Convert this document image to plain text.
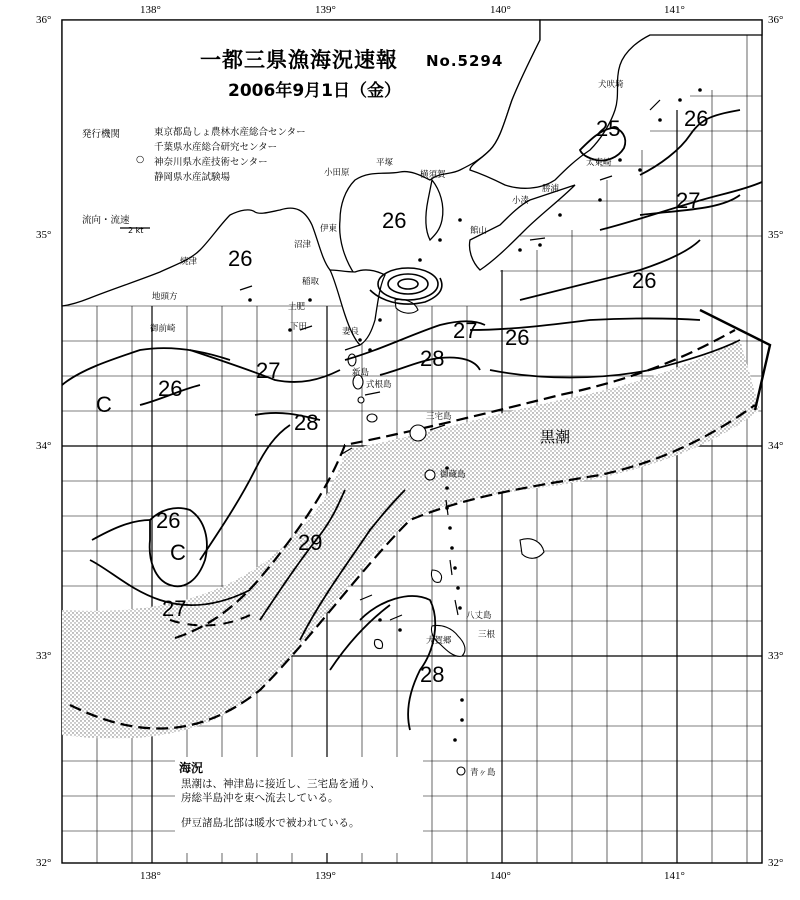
138°	139°	140°	141°
138°	139°	140°	141°
36°
35°
34°
33°
32°
36°
35°
34°
33°
32°
一都三県漁海況速報 No.5294
2006年9月1日（金）
発行機関	東京都島しょ農林水産総合センター
千葉県水産総合研究センター
○ 神奈川県水産技術センター
静岡県水産試験場
流向・流速
2 kt
犬吠埼
太東崎
勝浦
小湊
館山
横須賀
平塚
小田原
伊東
沼津
焼津
地頭方
御前崎
稲取
土肥
下田	妻良
新島
式根島
三宅島
御蔵島
八丈島
三根
大賀郷
青ヶ島
黒潮
25	26
27
26
26
26
26
27
28
27
26
C
28
26
C	29
27
28
海況
黒潮は、神津島に接近し、三宅島を通り、
房総半島沖を東へ流去している。
伊豆諸島北部は暖水で被われている。
